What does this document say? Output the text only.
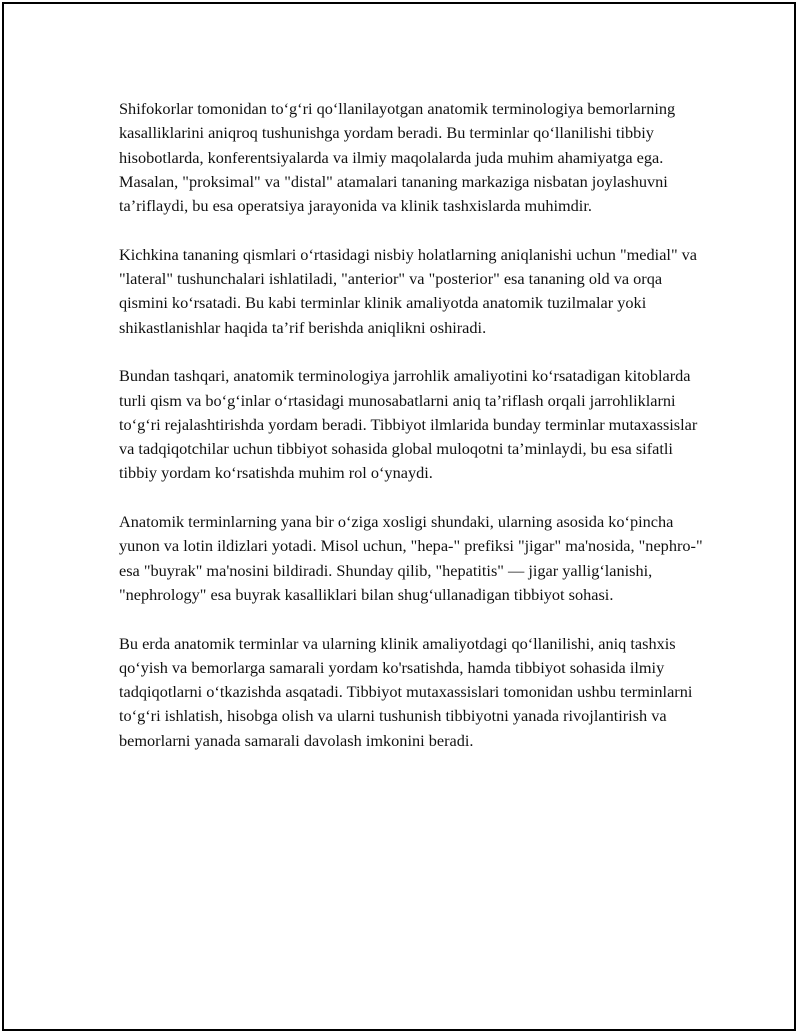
Shifokorlar tomonidan to‘g‘ri qo‘llanilayotgan anatomik terminologiya bemorlarning kasalliklarini aniqroq tushunishga yordam beradi. Bu terminlar qo‘llanilishi tibbiy hisobotlarda, konferentsiyalarda va ilmiy maqolalarda juda muhim ahamiyatga ega. Masalan, "proksimal" va "distal" atamalari tananing markaziga nisbatan joylashuvni ta’riflaydi, bu esa operatsiya jarayonida va klinik tashxislarda muhimdir.

Kichkina tananing qismlari o‘rtasidagi nisbiy holatlarning aniqlanishi uchun "medial" va "lateral" tushunchalari ishlatiladi, "anterior" va "posterior" esa tananing old va orqa qismini ko‘rsatadi. Bu kabi terminlar klinik amaliyotda anatomik tuzilmalar yoki shikastlanishlar haqida ta’rif berishda aniqlikni oshiradi.

Bundan tashqari, anatomik terminologiya jarrohlik amaliyotini ko‘rsatadigan kitoblarda turli qism va bo‘g‘inlar o‘rtasidagi munosabatlarni aniq ta’riflash orqali jarrohliklarni to‘g‘ri rejalashtirishda yordam beradi. Tibbiyot ilmlarida bunday terminlar mutaxassislar va tadqiqotchilar uchun tibbiyot sohasida global muloqotni ta’minlaydi, bu esa sifatli tibbiy yordam ko‘rsatishda muhim rol o‘ynaydi.

Anatomik terminlarning yana bir o‘ziga xosligi shundaki, ularning asosida ko‘pincha yunon va lotin ildizlari yotadi. Misol uchun, "hepa-" prefiksi "jigar" ma'nosida, "nephro-" esa "buyrak" ma'nosini bildiradi. Shunday qilib, "hepatitis" — jigar yallig‘lanishi, "nephrology" esa buyrak kasalliklari bilan shug‘ullanadigan tibbiyot sohasi.

Bu erda anatomik terminlar va ularning klinik amaliyotdagi qo‘llanilishi, aniq tashxis qo‘yish va bemorlarga samarali yordam ko'rsatishda, hamda tibbiyot sohasida ilmiy tadqiqotlarni o‘tkazishda asqatadi. Tibbiyot mutaxassislari tomonidan ushbu terminlarni to‘g‘ri ishlatish, hisobga olish va ularni tushunish tibbiyotni yanada rivojlantirish va bemorlarni yanada samarali davolash imkonini beradi.
